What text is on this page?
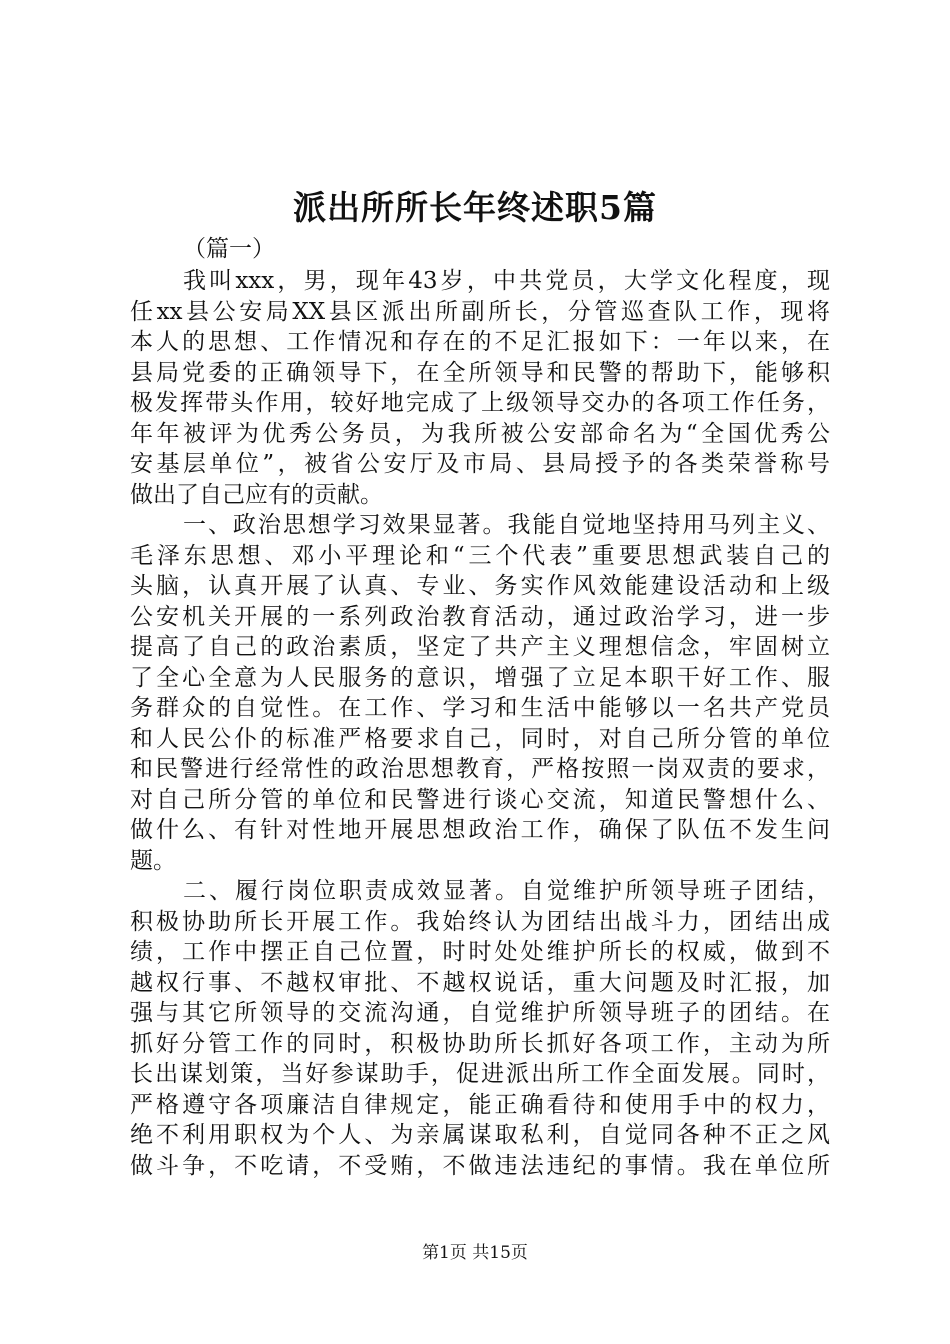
派出所所长年终述职5篇

（篇一）

我叫xxx，男，现年43岁，中共党员，大学文化程度，现
任xx县公安局XX县区派出所副所长，分管巡查队工作，现将
本人的思想、工作情况和存在的不足汇报如下：一年以来，在
县局党委的正确领导下，在全所领导和民警的帮助下，能够积
极发挥带头作用，较好地完成了上级领导交办的各项工作任务，
年年被评为优秀公务员，为我所被公安部命名为“全国优秀公
安基层单位”，被省公安厅及市局、县局授予的各类荣誉称号
做出了自己应有的贡献。

一、政治思想学习效果显著。我能自觉地坚持用马列主义、
毛泽东思想、邓小平理论和“三个代表”重要思想武装自己的
头脑，认真开展了认真、专业、务实作风效能建设活动和上级
公安机关开展的一系列政治教育活动，通过政治学习，进一步
提高了自己的政治素质，坚定了共产主义理想信念，牢固树立
了全心全意为人民服务的意识，增强了立足本职干好工作、服
务群众的自觉性。在工作、学习和生活中能够以一名共产党员
和人民公仆的标准严格要求自己，同时，对自己所分管的单位
和民警进行经常性的政治思想教育，严格按照一岗双责的要求，
对自己所分管的单位和民警进行谈心交流，知道民警想什么、
做什么、有针对性地开展思想政治工作，确保了队伍不发生问
题。

二、履行岗位职责成效显著。自觉维护所领导班子团结，
积极协助所长开展工作。我始终认为团结出战斗力，团结出成
绩，工作中摆正自己位置，时时处处维护所长的权威，做到不
越权行事、不越权审批、不越权说话，重大问题及时汇报，加
强与其它所领导的交流沟通，自觉维护所领导班子的团结。在
抓好分管工作的同时，积极协助所长抓好各项工作，主动为所
长出谋划策，当好参谋助手，促进派出所工作全面发展。同时，
严格遵守各项廉洁自律规定，能正确看待和使用手中的权力，
绝不利用职权为个人、为亲属谋取私利，自觉同各种不正之风
做斗争，不吃请，不受贿，不做违法违纪的事情。我在单位所

第1页 共15页
